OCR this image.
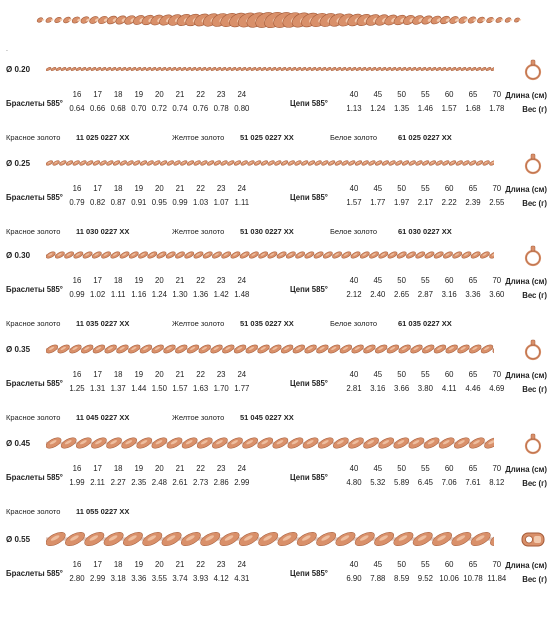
.
Ø 0.20
Браслеты 585°	Цепи 585°
Длина (см)
Вес (г)
16	17	18	19	20	21	22	23	24
0.64 0.66 0.68 0.70 0.72 0.74 0.76 0.78 0.80
40	45	50	55	60	65	70
1.13	1.24	1.35	1.46	1.57	1.68	1.78
Красное золото 11 025 0227 XX	Желтое золото 51 025 0227 XX	Белое золото	61 025 0227 XX
Ø 0.25
Браслеты 585°	Цепи 585°
Длина (см)
Вес (г)
16	17	18	19	20	21	22	23	24
0.79 0.82 0.87 0.91 0.95 0.99 1.03 1.07 1.11
40	45	50	55	60	65	70
1.57	1.77	1.97	2.17	2.22	2.39	2.55
Красное золото 11 030 0227 XX	Желтое золото 51 030 0227 XX	Белое золото	61 030 0227 XX
Ø 0.30
Браслеты 585°	Цепи 585°
Длина (см)
Вес (г)
16	17	18	19	20	21	22	23	24
0.99 1.02 1.11 1.16 1.24 1.30 1.36 1.42 1.48
40	45	50	55	60	65	70
2.12	2.40	2.65	2.87	3.16	3.36	3.60
Красное золото 11 035 0227 XX	Желтое золото 51 035 0227 XX	Белое золото	61 035 0227 XX
Ø 0.35
Браслеты 585°	Цепи 585°
Длина (см)
Вес (г)
16	17	18	19	20	21	22	23	24
1.25 1.31 1.37 1.44 1.50 1.57 1.63 1.70 1.77
40	45	50	55	60	65	70
2.81	3.16	3.66	3.80	4.11	4.46	4.69
Красное золото 11 045 0227 XX	Желтое золото 51 045 0227 XX
Ø 0.45
Браслеты 585°	Цепи 585°
Длина (см)
Вес (г)
16	17	18	19	20	21	22	23	24
1.99 2.11 2.27 2.35 2.48 2.61 2.73 2.86 2.99
40	45	50	55	60	65	70
4.80	5.32	5.89	6.45	7.06	7.61	8.12
Красное золото 11 055 0227 XX
Ø 0.55
Браслеты 585°	Цепи 585°
Длина (см)
Вес (г)
16	17	18	19	20	21	22	23	24
2.80 2.99 3.18 3.36 3.55 3.74 3.93 4.12 4.31
40	45	50	55	60	65	70
6.90	7.88	8.59	9.52 10.06 10.78 11.84
